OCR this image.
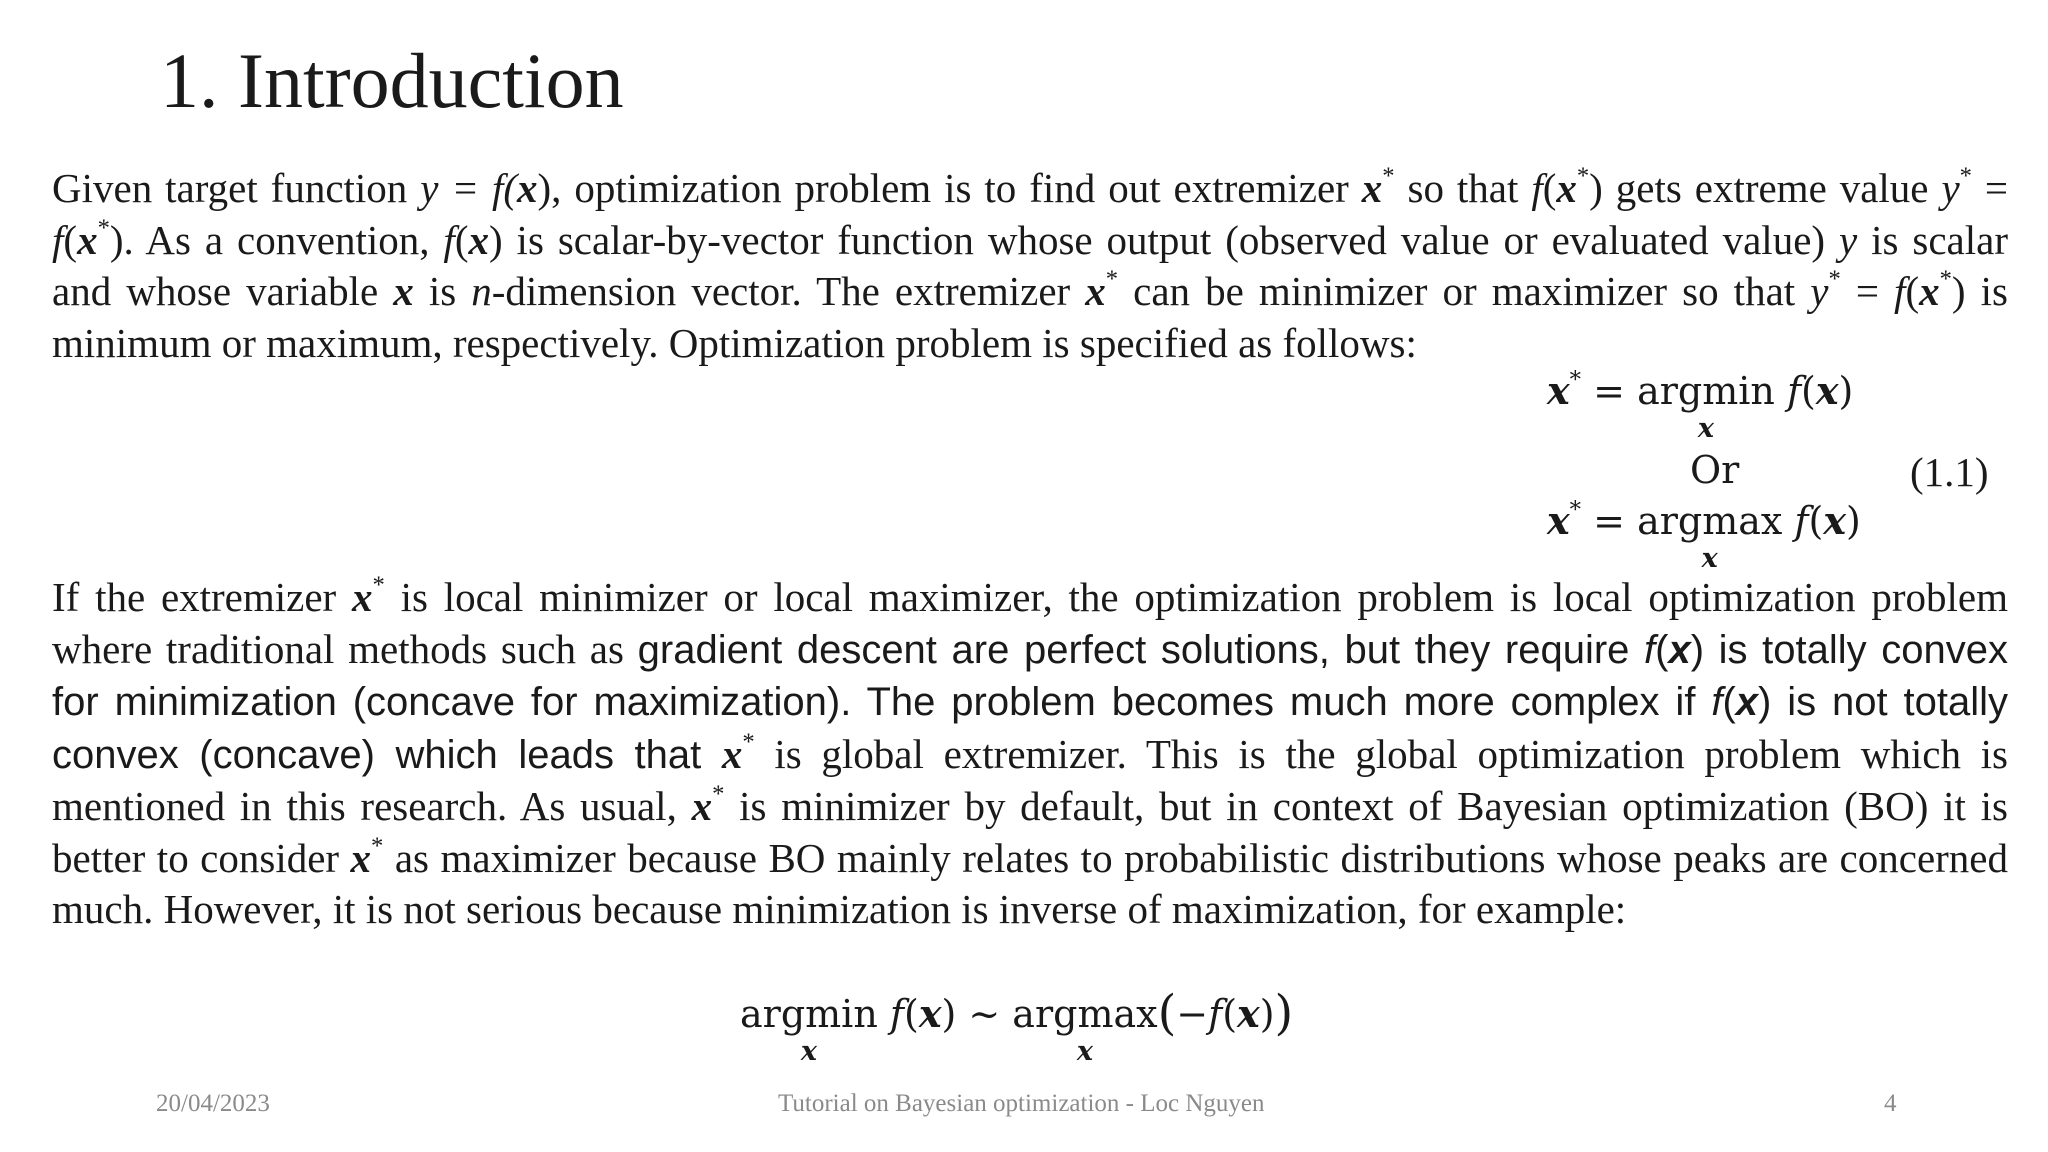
1. Introduction

Given target function y = f(x), optimization problem is to find out extremizer x* so that f(x*) gets extreme value y* = f(x*). As a convention, f(x) is scalar-by-vector function whose output (observed value or evaluated value) y is scalar and whose variable x is n-dimension vector. The extremizer x* can be minimizer or maximizer so that y* = f(x*) is minimum or maximum, respectively. Optimization problem is specified as follows:

x* = argmin
x
f(x)
Or	(1.1)
x* = argmax
x
f(x)

If the extremizer x* is local minimizer or local maximizer, the optimization problem is local optimization problem where traditional methods such as gradient descent are perfect solutions, but they require f(x) is totally convex for minimization (concave for maximization). The problem becomes much more complex if f(x) is not totally convex (concave) which leads that x* is global extremizer. This is the global optimization problem which is mentioned in this research. As usual, x* is minimizer by default, but in context of Bayesian optimization (BO) it is better to consider x* as maximizer because BO mainly relates to probabilistic distributions whose peaks are concerned much. However, it is not serious because minimization is inverse of maximization, for example:

argmin
x
f(x) ~ argmax
x
(−f(x))
20/04/2023	Tutorial on Bayesian optimization - Loc Nguyen	4
